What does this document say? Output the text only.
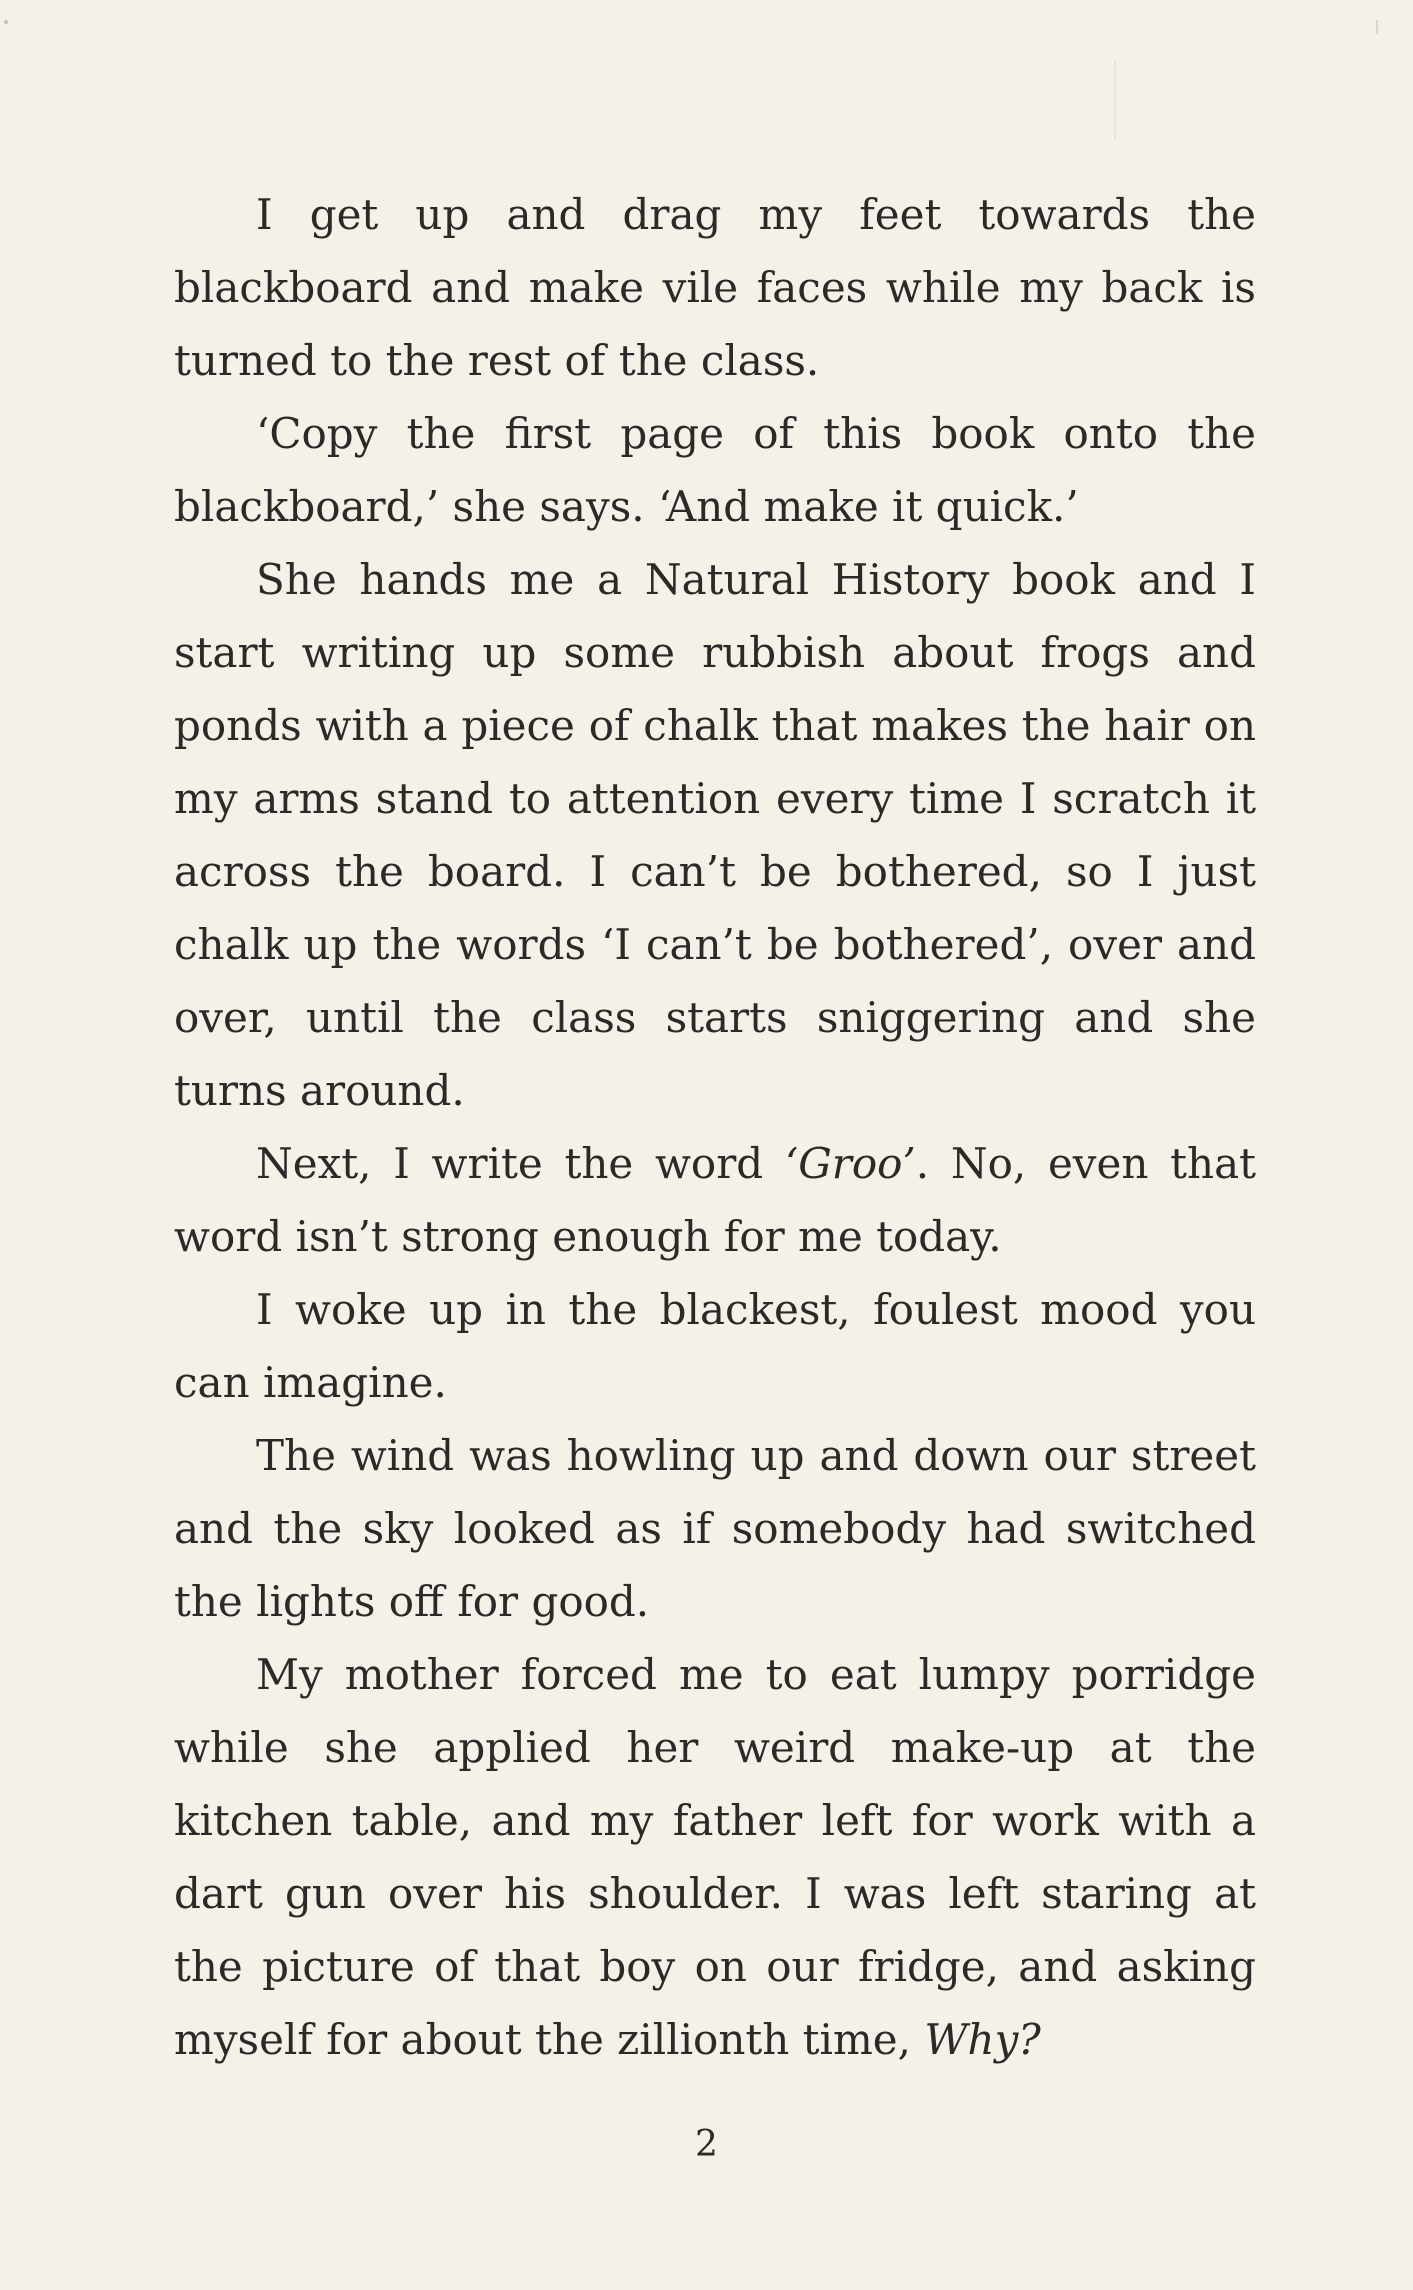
I get up and drag my feet towards the blackboard and make vile faces while my back is turned to the rest of the class.

‘Copy the first page of this book onto the blackboard,’ she says. ‘And make it quick.’

She hands me a Natural History book and I start writing up some rubbish about frogs and ponds with a piece of chalk that makes the hair on my arms stand to attention every time I scratch it across the board. I can’t be bothered, so I just chalk up the words ‘I can’t be bothered’, over and over, until the class starts sniggering and she turns around.

Next, I write the word ‘Groo’. No, even that word isn’t strong enough for me today.

I woke up in the blackest, foulest mood you can imagine.

The wind was howling up and down our street and the sky looked as if somebody had switched the lights off for good.

My mother forced me to eat lumpy porridge while she applied her weird make-up at the kitchen table, and my father left for work with a dart gun over his shoulder. I was left staring at the picture of that boy on our fridge, and asking myself for about the zillionth time, Why?

2
